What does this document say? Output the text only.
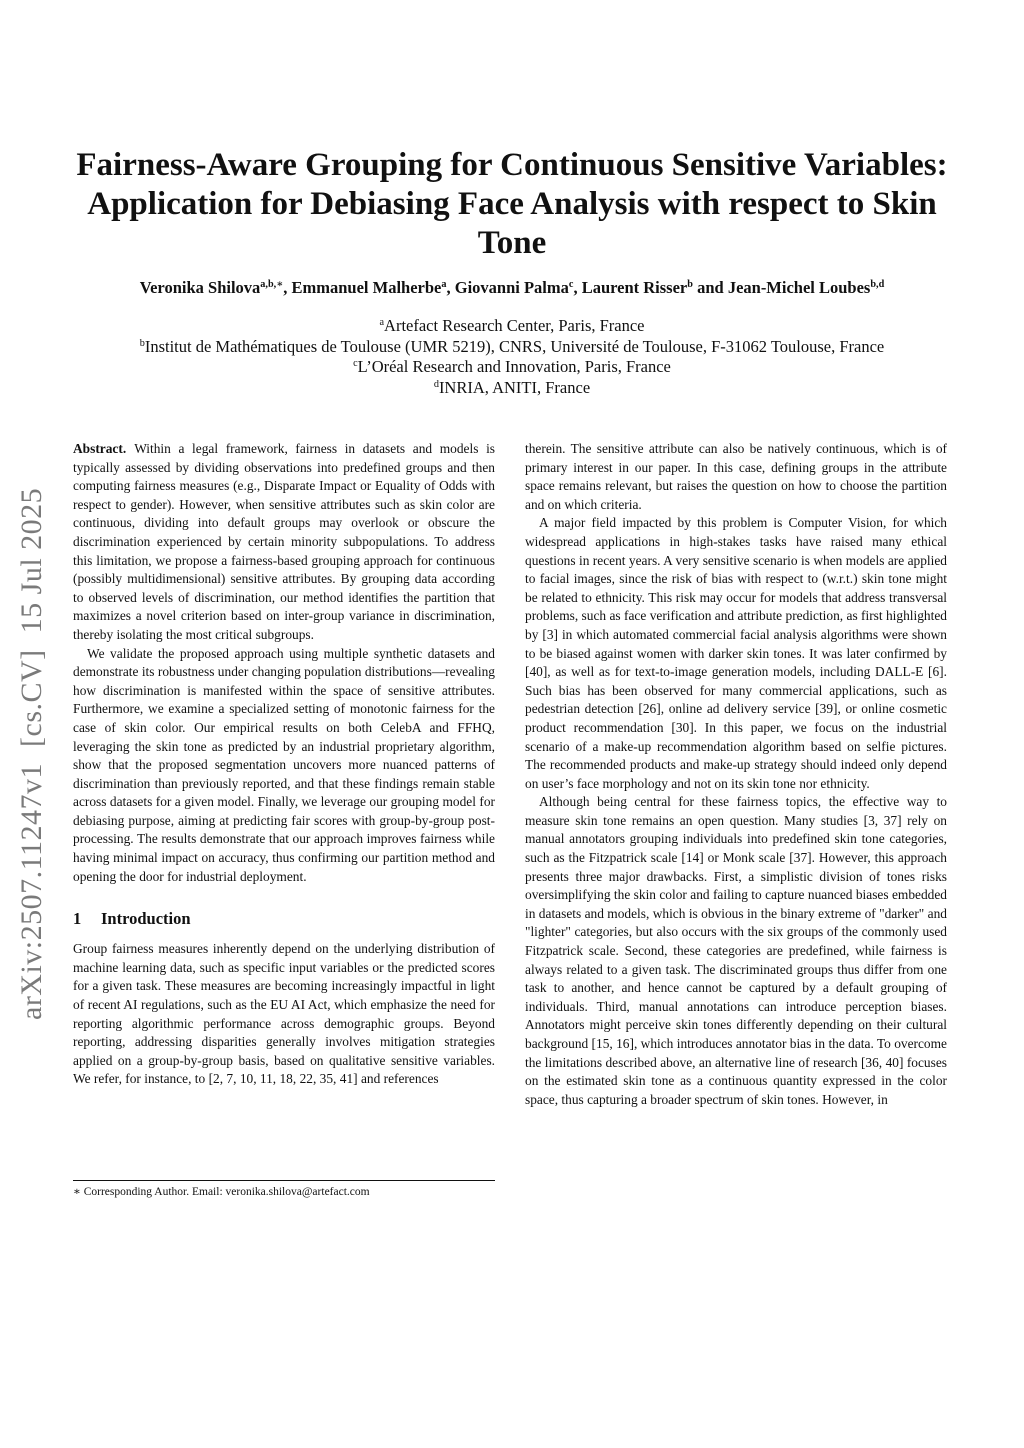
Fairness-Aware Grouping for Continuous Sensitive Variables: Application for Debiasing Face Analysis with respect to Skin Tone
Veronika Shilova$^{a,b,∗}$, Emmanuel Malherbe$^a$, Giovanni Palma$^c$, Laurent Risser$^b$ and Jean-Michel Loubes$^{b,d}$
$^a$Artefact Research Center, Paris, France
$^b$Institut de Mathématiques de Toulouse (UMR 5219), CNRS, Université de Toulouse, F-31062 Toulouse, France
$^c$L’Oréal Research and Innovation, Paris, France
$^d$INRIA, ANITI, France
arXiv:2507.11247v1  [cs.CV]  15 Jul 2025

Abstract. Within a legal framework, fairness in datasets and models is typically assessed by dividing observations into predefined groups and then computing fairness measures (e.g., Disparate Impact or Equality of Odds with respect to gender). However, when sensitive attributes such as skin color are continuous, dividing into default groups may overlook or obscure the discrimination experienced by certain minority subpopulations. To address this limitation, we propose a fairness-based grouping approach for continuous (possibly multidimensional) sensitive attributes. By grouping data according to observed levels of discrimination, our method identifies the partition that maximizes a novel criterion based on inter-group variance in discrimination, thereby isolating the most critical subgroups.

We validate the proposed approach using multiple synthetic datasets and demonstrate its robustness under changing population distributions—revealing how discrimination is manifested within the space of sensitive attributes. Furthermore, we examine a specialized setting of monotonic fairness for the case of skin color. Our empirical results on both CelebA and FFHQ, leveraging the skin tone as predicted by an industrial proprietary algorithm, show that the proposed segmentation uncovers more nuanced patterns of discrimination than previously reported, and that these findings remain stable across datasets for a given model. Finally, we leverage our grouping model for debiasing purpose, aiming at predicting fair scores with group-by-group post-processing. The results demonstrate that our approach improves fairness while having minimal impact on accuracy, thus confirming our partition method and opening the door for industrial deployment.

1 Introduction

Group fairness measures inherently depend on the underlying distribution of machine learning data, such as specific input variables or the predicted scores for a given task. These measures are becoming increasingly impactful in light of recent AI regulations, such as the EU AI Act, which emphasize the need for reporting algorithmic performance across demographic groups. Beyond reporting, addressing disparities generally involves mitigation strategies applied on a group-by-group basis, based on qualitative sensitive variables. We refer, for instance, to [2, 7, 10, 11, 18, 22, 35, 41] and references

∗ Corresponding Author. Email: veronika.shilova@artefact.com

therein. The sensitive attribute can also be natively continuous, which is of primary interest in our paper. In this case, defining groups in the attribute space remains relevant, but raises the question on how to choose the partition and on which criteria.

A major field impacted by this problem is Computer Vision, for which widespread applications in high-stakes tasks have raised many ethical questions in recent years. A very sensitive scenario is when models are applied to facial images, since the risk of bias with respect to (w.r.t.) skin tone might be related to ethnicity. This risk may occur for models that address transversal problems, such as face verification and attribute prediction, as first highlighted by [3] in which automated commercial facial analysis algorithms were shown to be biased against women with darker skin tones. It was later confirmed by [40], as well as for text-to-image generation models, including DALL-E [6]. Such bias has been observed for many commercial applications, such as pedestrian detection [26], online ad delivery service [39], or online cosmetic product recommendation [30]. In this paper, we focus on the industrial scenario of a make-up recommendation algorithm based on selfie pictures. The recommended products and make-up strategy should indeed only depend on user’s face morphology and not on its skin tone nor ethnicity.

Although being central for these fairness topics, the effective way to measure skin tone remains an open question. Many studies [3, 37] rely on manual annotators grouping individuals into predefined skin tone categories, such as the Fitzpatrick scale [14] or Monk scale [37]. However, this approach presents three major drawbacks. First, a simplistic division of tones risks oversimplifying the skin color and failing to capture nuanced biases embedded in datasets and models, which is obvious in the binary extreme of "darker" and "lighter" categories, but also occurs with the six groups of the commonly used Fitzpatrick scale. Second, these categories are predefined, while fairness is always related to a given task. The discriminated groups thus differ from one task to another, and hence cannot be captured by a default grouping of individuals. Third, manual annotations can introduce perception biases. Annotators might perceive skin tones differently depending on their cultural background [15, 16], which introduces annotator bias in the data. To overcome the limitations described above, an alternative line of research [36, 40] focuses on the estimated skin tone as a continuous quantity expressed in the color space, thus capturing a broader spectrum of skin tones. However, in
